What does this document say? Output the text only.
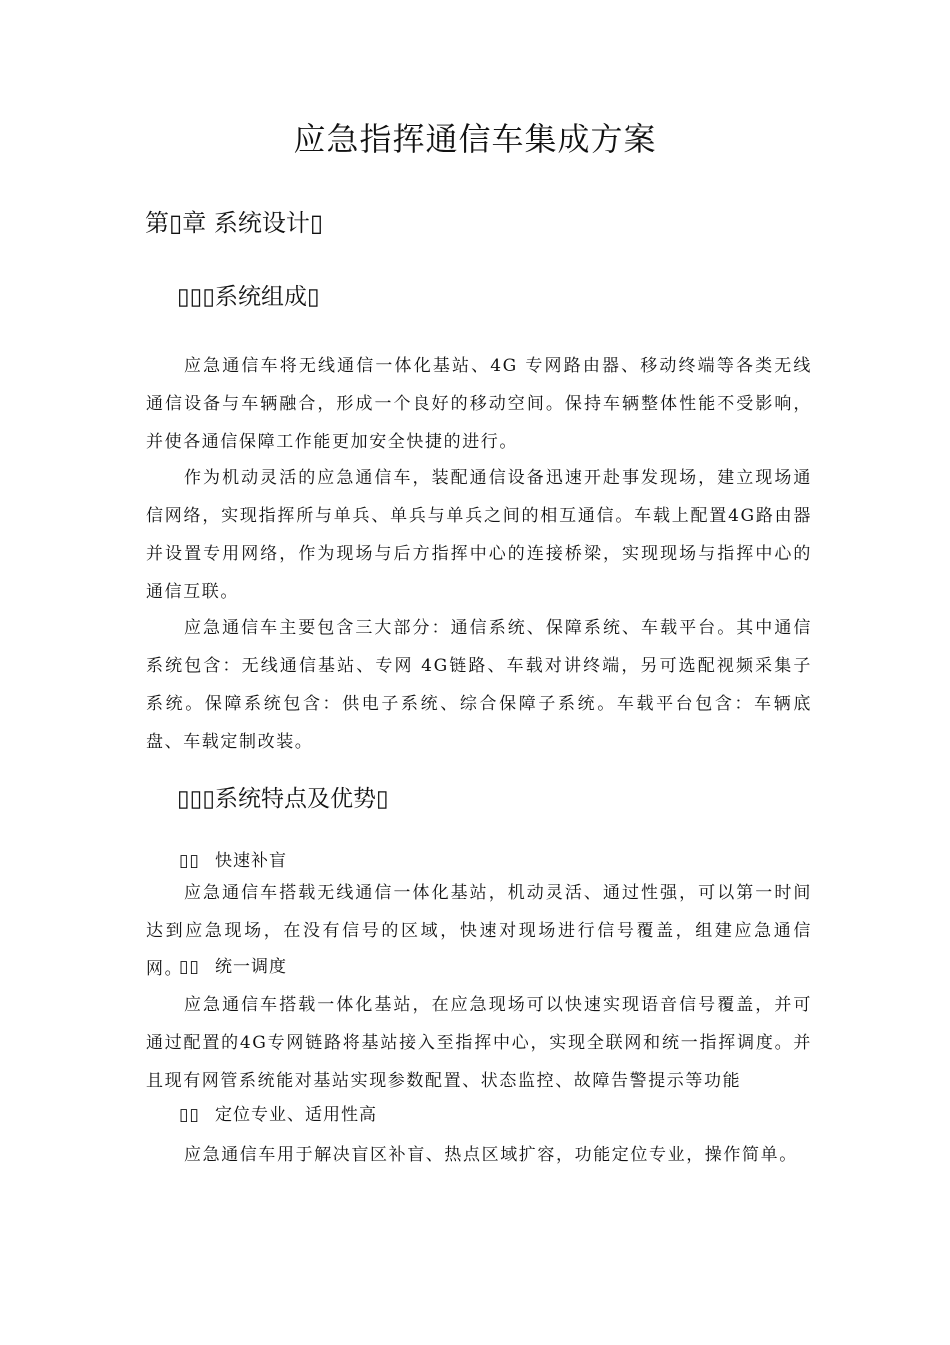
应急指挥通信车集成方案
第▯章 系统设计▯
▯▯▯系统组成▯

应急通信车将无线通信一体化基站、4G 专网路由器、移动终端等各类无线通信设备与车辆融合，形成一个良好的移动空间。保持车辆整体性能不受影响，并使各通信保障工作能更加安全快捷的进行。

作为机动灵活的应急通信车，装配通信设备迅速开赴事发现场，建立现场通信网络，实现指挥所与单兵、单兵与单兵之间的相互通信。车载上配置4G路由器并设置专用网络，作为现场与后方指挥中心的连接桥梁，实现现场与指挥中心的通信互联。

应急通信车主要包含三大部分：通信系统、保障系统、车载平台。其中通信系统包含：无线通信基站、专网 4G链路、车载对讲终端，另可选配视频采集子系统。保障系统包含：供电子系统、综合保障子系统。车载平台包含：车辆底盘、车载定制改装。

▯▯▯系统特点及优势▯
▯▯ 快速补盲

应急通信车搭载无线通信一体化基站，机动灵活、通过性强，可以第一时间达到应急现场，在没有信号的区域，快速对现场进行信号覆盖，组建应急通信网。

▯▯ 统一调度

应急通信车搭载一体化基站，在应急现场可以快速实现语音信号覆盖，并可通过配置的4G专网链路将基站接入至指挥中心，实现全联网和统一指挥调度。并且现有网管系统能对基站实现参数配置、状态监控、故障告警提示等功能

▯▯ 定位专业、适用性高

应急通信车用于解决盲区补盲、热点区域扩容，功能定位专业，操作简单。
